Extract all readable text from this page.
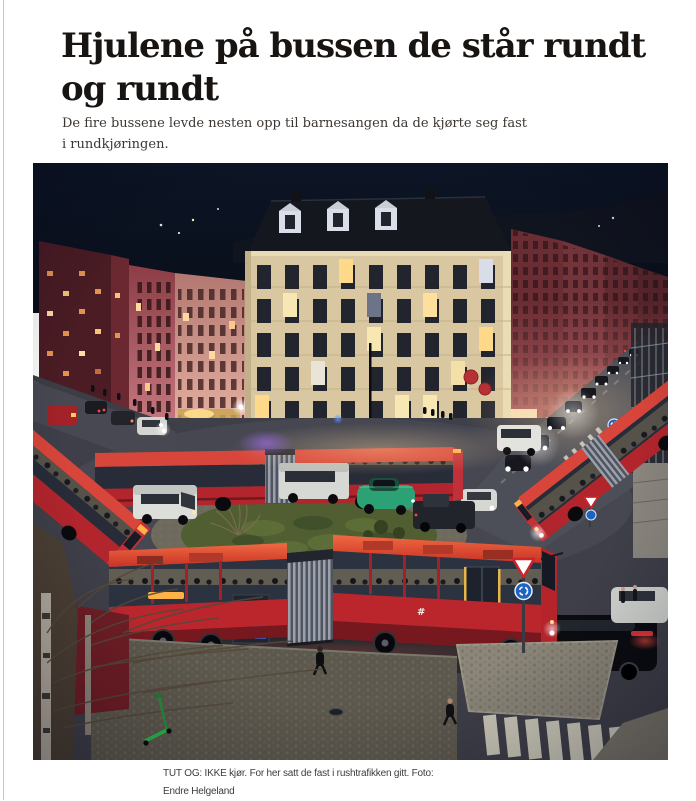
Hjulene på bussen de står rundt
og rundt

De fire bussene levde nesten opp til barnesangen da de kjørte seg fast
i rundkjøringen.

TUT OG: IKKE kjør. For her satt de fast i rushtrafikken gitt. Foto:
Endre Helgeland
